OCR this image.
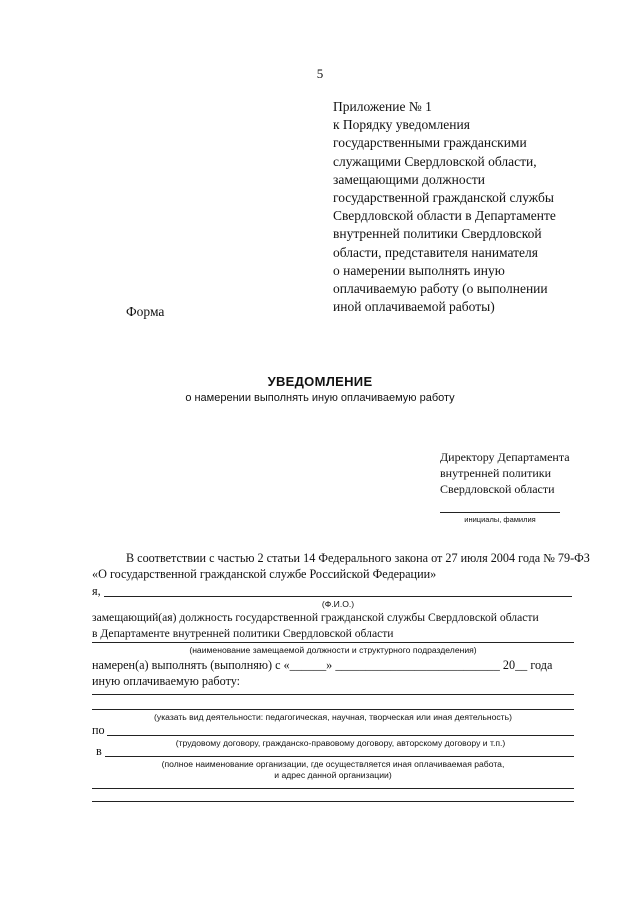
5
Приложение № 1
к Порядку уведомления
государственными гражданскими
служащими Свердловской области,
замещающими должности
государственной гражданской службы
Свердловской области в Департаменте
внутренней политики Свердловской
области, представителя нанимателя
о намерении выполнять иную
оплачиваемую работу (о выполнении
иной оплачиваемой работы)
Форма
УВЕДОМЛЕНИЕ
о намерении выполнять иную оплачиваемую работу
Директору Департамента
внутренней политики
Свердловской области
инициалы, фамилия
В соответствии с частью 2 статьи 14 Федерального закона от 27 июля 2004 года № 79-ФЗ
«О государственной гражданской службе Российской Федерации»
я,
(Ф.И.О.)
замещающий(ая) должность государственной гражданской службы Свердловской области
в Департаменте внутренней политики Свердловской области
(наименование замещаемой должности и структурного подразделения)
намерен(а) выполнять (выполняю) с «______» ___________________________ 20__ года
иную оплачиваемую работу:
(указать вид деятельности: педагогическая, научная, творческая или иная деятельность)
по
(трудовому договору, гражданско-правовому договору, авторскому договору и т.п.)
в
(полное наименование организации, где осуществляется иная оплачиваемая работа,
и адрес данной организации)
